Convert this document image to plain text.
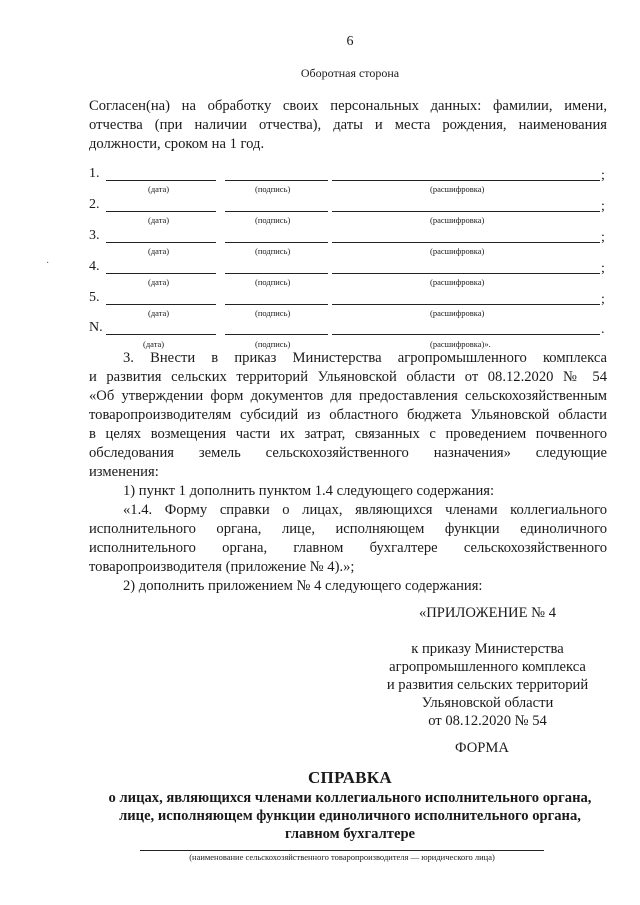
6
Оборотная сторона

Согласен(на) на обработку своих персональных данных: фамилии, имени,

отчества (при наличии отчества), даты и места рождения, наименования

должности, сроком на 1 год.

1.	;
(дата)	(подпись)	(расшифровка)
2.	;
(дата)	(подпись)	(расшифровка)
3.	;
(дата)	(подпись)	(расшифровка)
4.	;
(дата)	(подпись)	(расшифровка)
5.	;
(дата)	(подпись)	(расшифровка)
N.	.
(дата)	(подпись)	(расшифровка)».

3. Внести в приказ Министерства агропромышленного комплекса

и развития сельских территорий Ульяновской области от 08.12.2020 № 54

«Об утверждении форм документов для предоставления сельскохозяйственным

товаропроизводителям субсидий из областного бюджета Ульяновской области

в целях возмещения части их затрат, связанных с проведением почвенного

обследования земель сельскохозяйственного назначения» следующие

изменения:

1) пункт 1 дополнить пунктом 1.4 следующего содержания:

«1.4. Форму справки о лицах, являющихся членами коллегиального

исполнительного органа, лице, исполняющем функции единоличного

исполнительного органа, главном бухгалтере сельскохозяйственного

товаропроизводителя (приложение № 4).»;

2) дополнить приложением № 4 следующего содержания:

«ПРИЛОЖЕНИЕ № 4
к приказу Министерства
агропромышленного комплекса
и развития сельских территорий
Ульяновской области
от 08.12.2020 № 54
ФОРМА
СПРАВКА
о лицах, являющихся членами коллегиального исполнительного органа,
лице, исполняющем функции единоличного исполнительного органа,
главном бухгалтере
(наименование сельскохозяйственного товаропроизводителя — юридического лица)
·
